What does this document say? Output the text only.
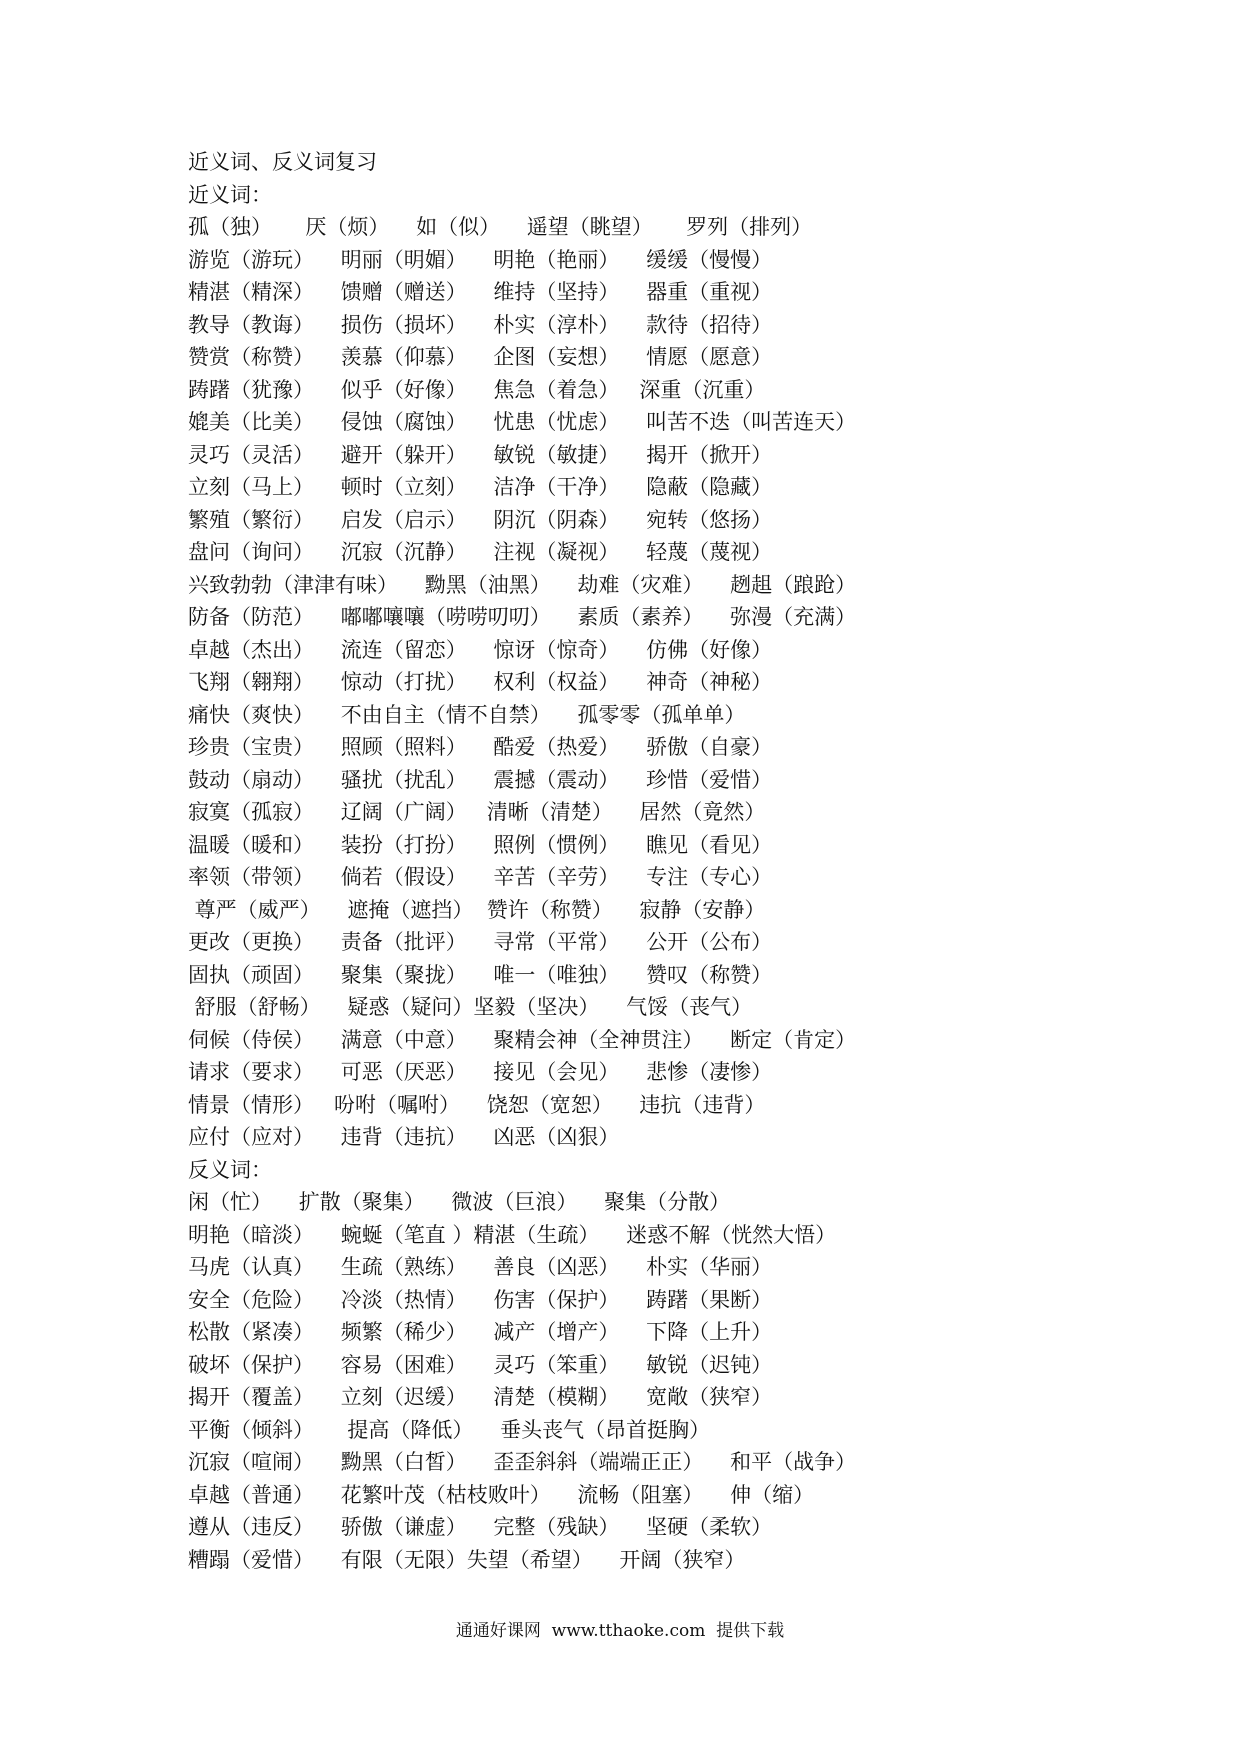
近义词、反义词复习
近义词：
孤（独）     厌（烦）    如（似）    遥望（眺望）     罗列（排列）
游览（游玩）    明丽（明媚）    明艳（艳丽）    缓缓（慢慢）
精湛（精深）    馈赠（赠送）    维持（坚持）    器重（重视）
教导（教诲）    损伤（损坏）    朴实（淳朴）    款待（招待）
赞赏（称赞）    羡慕（仰慕）    企图（妄想）    情愿（愿意）
踌躇（犹豫）    似乎（好像）    焦急（着急）   深重（沉重）
媲美（比美）    侵蚀（腐蚀）    忧患（忧虑）    叫苦不迭（叫苦连天）
灵巧（灵活）    避开（躲开）    敏锐（敏捷）    揭开（掀开）
立刻（马上）    顿时（立刻）    洁净（干净）    隐蔽（隐藏）
繁殖（繁衍）    启发（启示）    阴沉（阴森）    宛转（悠扬）
盘问（询问）    沉寂（沉静）    注视（凝视）    轻蔑（蔑视）
兴致勃勃（津津有味）    黝黑（油黑）    劫难（灾难）    趔趄（踉跄）
防备（防范）    嘟嘟嚷嚷（唠唠叨叨）    素质（素养）    弥漫（充满）
卓越（杰出）    流连（留恋）    惊讶（惊奇）    仿佛（好像）
飞翔（翱翔）    惊动（打扰）    权利（权益）    神奇（神秘）
痛快（爽快）    不由自主（情不自禁）    孤零零（孤单单）
珍贵（宝贵）    照顾（照料）    酷爱（热爱）    骄傲（自豪）
鼓动（扇动）    骚扰（扰乱）    震撼（震动）    珍惜（爱惜）
寂寞（孤寂）    辽阔（广阔）   清晰（清楚）    居然（竟然）
温暖（暖和）    装扮（打扮）    照例（惯例）    瞧见（看见）
率领（带领）    倘若（假设）    辛苦（辛劳）    专注（专心）
尊严（威严）    遮掩（遮挡）  赞许（称赞）    寂静（安静）
更改（更换）    责备（批评）    寻常（平常）    公开（公布）
固执（顽固）    聚集（聚拢）    唯一（唯独）    赞叹（称赞）
舒服（舒畅）    疑惑（疑问）坚毅（坚决）    气馁（丧气）
伺候（侍侯）    满意（中意）    聚精会神（全神贯注）    断定（肯定）
请求（要求）    可恶（厌恶）    接见（会见）    悲惨（凄惨）
情景（情形）   吩咐（嘱咐）    饶恕（宽恕）    违抗（违背）
应付（应对）    违背（违抗）    凶恶（凶狠）
反义词：
闲（忙）    扩散（聚集）    微波（巨浪）    聚集（分散）
明艳（暗淡）    蜿蜒（笔直 ）精湛（生疏）    迷惑不解（恍然大悟）
马虎（认真）    生疏（熟练）    善良（凶恶）    朴实（华丽）
安全（危险）    冷淡（热情）    伤害（保护）    踌躇（果断）
松散（紧凑）    频繁（稀少）    减产（增产）    下降（上升）
破坏（保护）    容易（困难）    灵巧（笨重）    敏锐（迟钝）
揭开（覆盖）    立刻（迟缓）    清楚（模糊）    宽敞（狭窄）
平衡（倾斜）     提高（降低）    垂头丧气（昂首挺胸）
沉寂（喧闹）    黝黑（白皙）    歪歪斜斜（端端正正）    和平（战争）
卓越（普通）    花繁叶茂（枯枝败叶）    流畅（阻塞）    伸（缩）
遵从（违反）    骄傲（谦虚）    完整（残缺）    坚硬（柔软）
糟蹋（爱惜）    有限（无限）失望（希望）    开阔（狭窄）
通通好课网  www.tthaoke.com  提供下载
